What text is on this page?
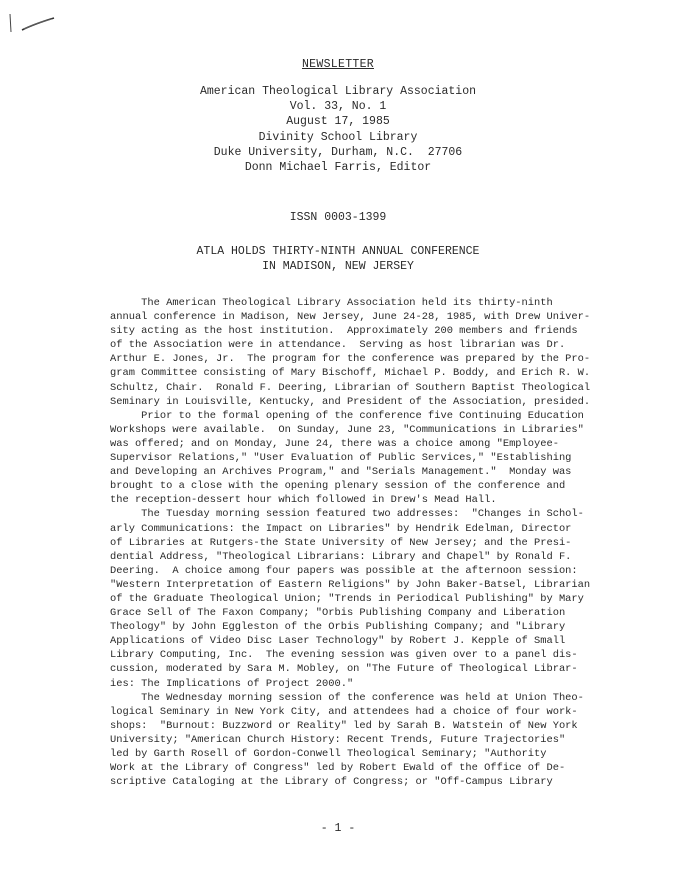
NEWSLETTER
American Theological Library Association
Vol. 33, No. 1
August 17, 1985
Divinity School Library
Duke University, Durham, N.C.  27706
Donn Michael Farris, Editor
ISSN 0003-1399
ATLA HOLDS THIRTY-NINTH ANNUAL CONFERENCE
IN MADISON, NEW JERSEY
The American Theological Library Association held its thirty-ninth
annual conference in Madison, New Jersey, June 24-28, 1985, with Drew Univer-
sity acting as the host institution.  Approximately 200 members and friends
of the Association were in attendance.  Serving as host librarian was Dr.
Arthur E. Jones, Jr.  The program for the conference was prepared by the Pro-
gram Committee consisting of Mary Bischoff, Michael P. Boddy, and Erich R. W.
Schultz, Chair.  Ronald F. Deering, Librarian of Southern Baptist Theological
Seminary in Louisville, Kentucky, and President of the Association, presided.
Prior to the formal opening of the conference five Continuing Education
Workshops were available.  On Sunday, June 23, "Communications in Libraries"
was offered; and on Monday, June 24, there was a choice among "Employee-
Supervisor Relations," "User Evaluation of Public Services," "Establishing
and Developing an Archives Program," and "Serials Management."  Monday was
brought to a close with the opening plenary session of the conference and
the reception-dessert hour which followed in Drew's Mead Hall.
The Tuesday morning session featured two addresses:  "Changes in Schol-
arly Communications: the Impact on Libraries" by Hendrik Edelman, Director
of Libraries at Rutgers-the State University of New Jersey; and the Presi-
dential Address, "Theological Librarians: Library and Chapel" by Ronald F.
Deering.  A choice among four papers was possible at the afternoon session:
"Western Interpretation of Eastern Religions" by John Baker-Batsel, Librarian
of the Graduate Theological Union; "Trends in Periodical Publishing" by Mary
Grace Sell of The Faxon Company; "Orbis Publishing Company and Liberation
Theology" by John Eggleston of the Orbis Publishing Company; and "Library
Applications of Video Disc Laser Technology" by Robert J. Kepple of Small
Library Computing, Inc.  The evening session was given over to a panel dis-
cussion, moderated by Sara M. Mobley, on "The Future of Theological Librar-
ies: The Implications of Project 2000."
The Wednesday morning session of the conference was held at Union Theo-
logical Seminary in New York City, and attendees had a choice of four work-
shops:  "Burnout: Buzzword or Reality" led by Sarah B. Watstein of New York
University; "American Church History: Recent Trends, Future Trajectories"
led by Garth Rosell of Gordon-Conwell Theological Seminary; "Authority
Work at the Library of Congress" led by Robert Ewald of the Office of De-
scriptive Cataloging at the Library of Congress; or "Off-Campus Library
- 1 -
